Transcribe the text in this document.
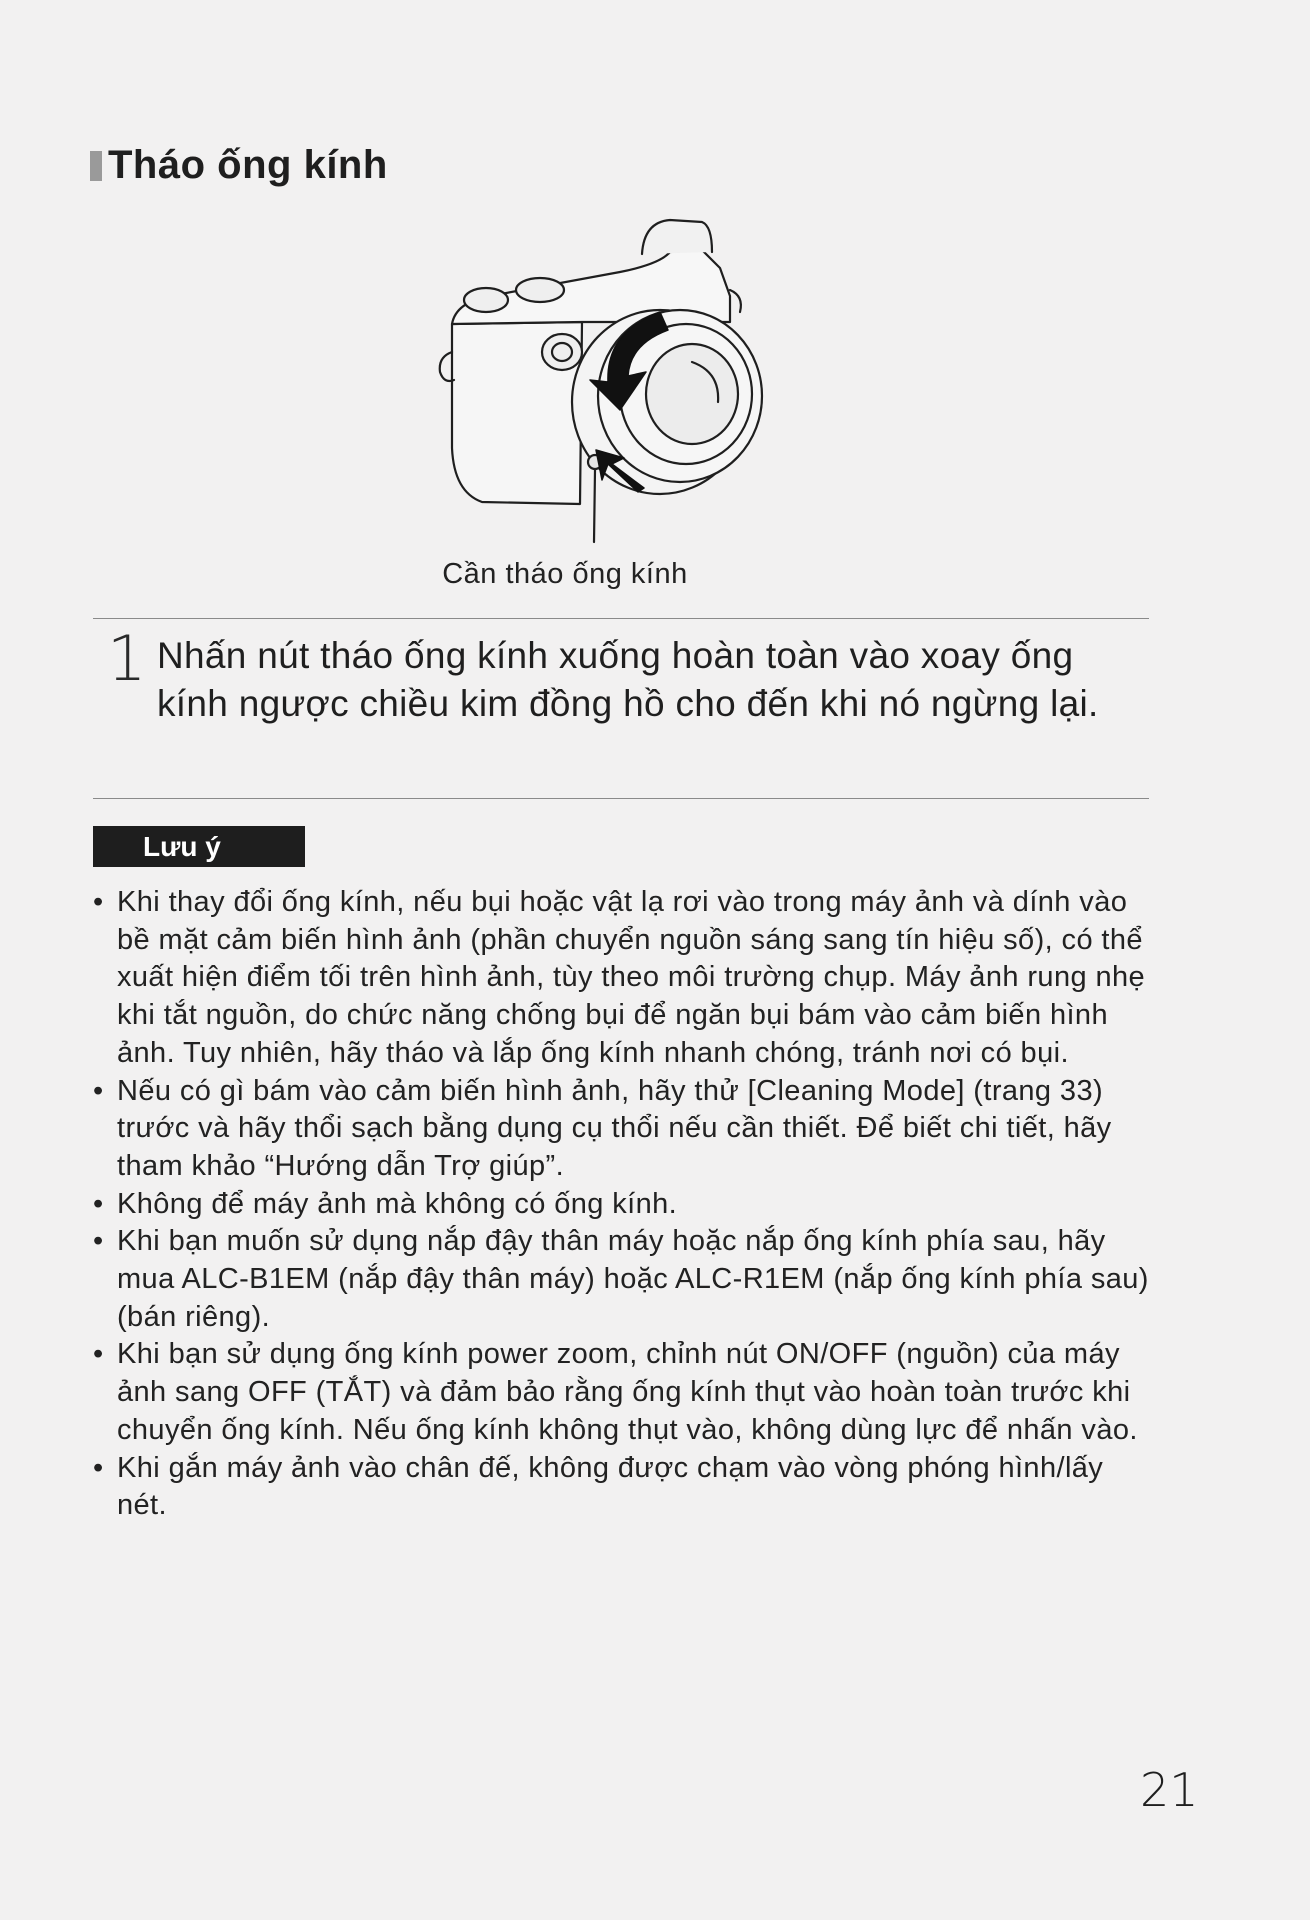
Tháo ống kính
Cần tháo ống kính
1 Nhấn nút tháo ống kính xuống hoàn toàn vào xoay ống kính ngược chiều kim đồng hồ cho đến khi nó ngừng lại.
Lưu ý
• Khi thay đổi ống kính, nếu bụi hoặc vật lạ rơi vào trong máy ảnh và dính vào bề mặt cảm biến hình ảnh (phần chuyển nguồn sáng sang tín hiệu số), có thể xuất hiện điểm tối trên hình ảnh, tùy theo môi trường chụp. Máy ảnh rung nhẹ khi tắt nguồn, do chức năng chống bụi để ngăn bụi bám vào cảm biến hình ảnh. Tuy nhiên, hãy tháo và lắp ống kính nhanh chóng, tránh nơi có bụi.
• Nếu có gì bám vào cảm biến hình ảnh, hãy thử [Cleaning Mode] (trang 33) trước và hãy thổi sạch bằng dụng cụ thổi nếu cần thiết. Để biết chi tiết, hãy tham khảo “Hướng dẫn Trợ giúp”.
• Không để máy ảnh mà không có ống kính.
• Khi bạn muốn sử dụng nắp đậy thân máy hoặc nắp ống kính phía sau, hãy mua ALC-B1EM (nắp đậy thân máy) hoặc ALC-R1EM (nắp ống kính phía sau) (bán riêng).
• Khi bạn sử dụng ống kính power zoom, chỉnh nút ON/OFF (nguồn) của máy ảnh sang OFF (TẮT) và đảm bảo rằng ống kính thụt vào hoàn toàn trước khi chuyển ống kính. Nếu ống kính không thụt vào, không dùng lực để nhấn vào.
• Khi gắn máy ảnh vào chân đế, không được chạm vào vòng phóng hình/lấy nét.
21
